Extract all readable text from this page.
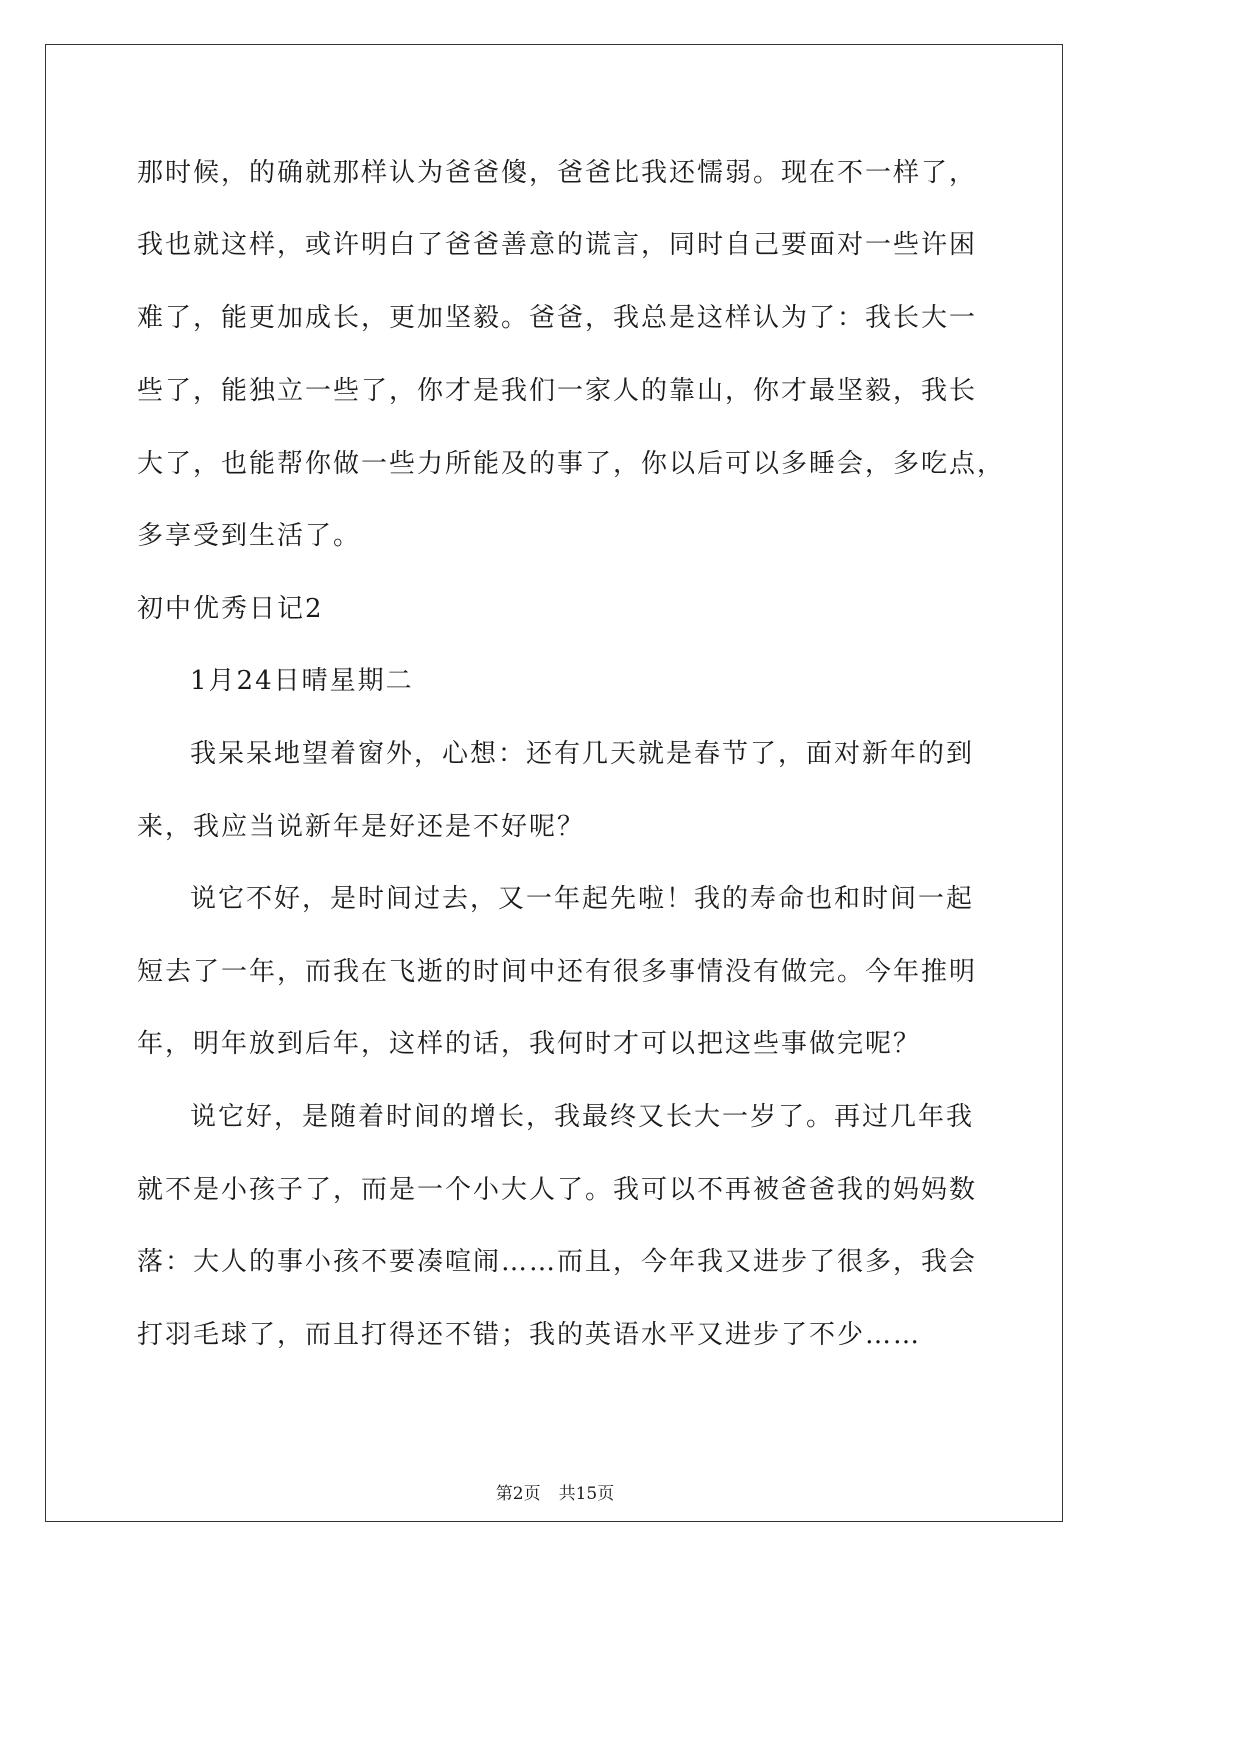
那时候，的确就那样认为爸爸傻，爸爸比我还懦弱。现在不一样了，
我也就这样，或许明白了爸爸善意的谎言，同时自己要面对一些许困
难了，能更加成长，更加坚毅。爸爸，我总是这样认为了：我长大一
些了，能独立一些了，你才是我们一家人的靠山，你才最坚毅，我长
大了，也能帮你做一些力所能及的事了，你以后可以多睡会，多吃点，
多享受到生活了。
初中优秀日记2
1月24日晴星期二
我呆呆地望着窗外，心想：还有几天就是春节了，面对新年的到
来，我应当说新年是好还是不好呢？
说它不好，是时间过去，又一年起先啦！我的寿命也和时间一起
短去了一年，而我在飞逝的时间中还有很多事情没有做完。今年推明
年，明年放到后年，这样的话，我何时才可以把这些事做完呢？
说它好，是随着时间的增长，我最终又长大一岁了。再过几年我
就不是小孩子了，而是一个小大人了。我可以不再被爸爸我的妈妈数
落：大人的事小孩不要凑喧闹……而且，今年我又进步了很多，我会
打羽毛球了，而且打得还不错；我的英语水平又进步了不少……
第2页 共15页
